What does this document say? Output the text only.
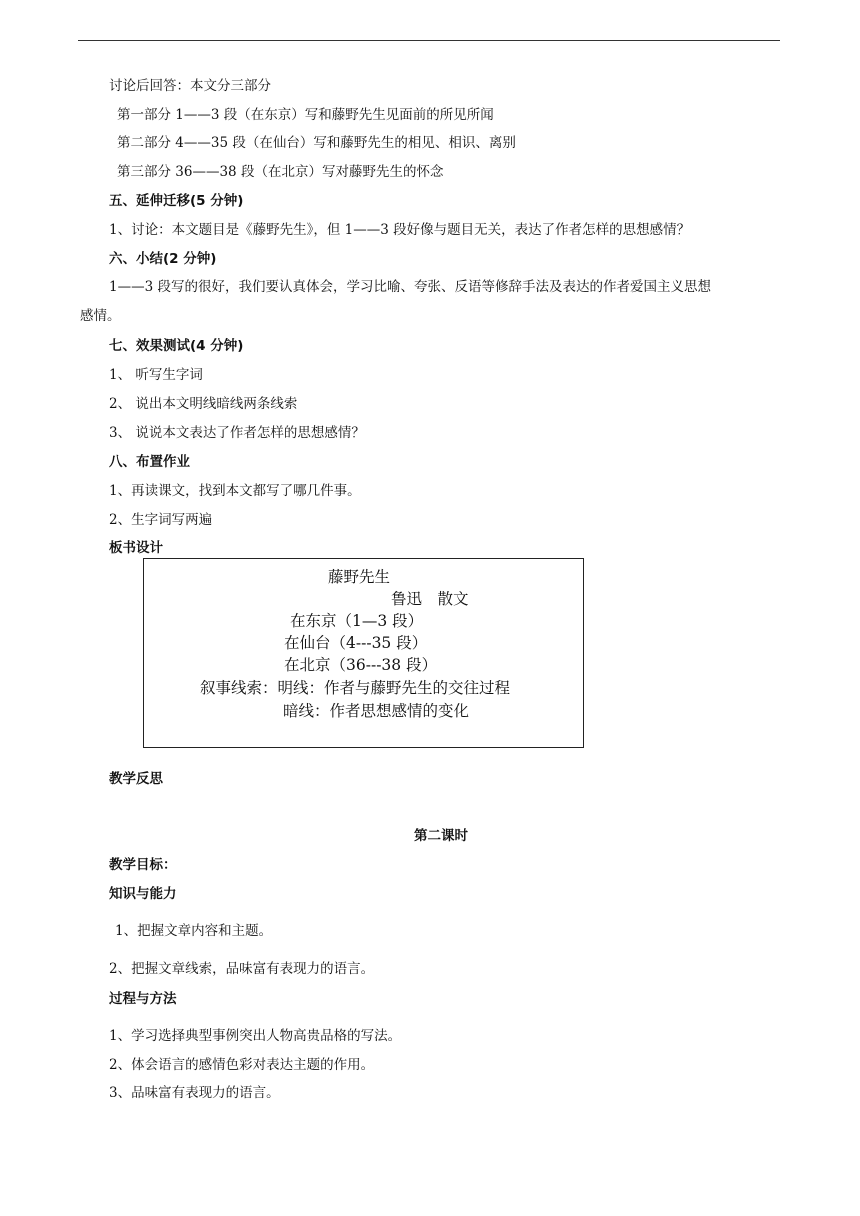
讨论后回答：本文分三部分
第一部分 1——3 段（在东京）写和藤野先生见面前的所见所闻
第二部分 4——35 段（在仙台）写和藤野先生的相见、相识、离别
第三部分 36——38 段（在北京）写对藤野先生的怀念
五、延伸迁移(5 分钟)
1、讨论：本文题目是《藤野先生》，但 1——3 段好像与题目无关，表达了作者怎样的思想感情？
六、小结(2 分钟)
1——3 段写的很好，我们要认真体会，学习比喻、夸张、反语等修辞手法及表达的作者爱国主义思想
感情。
七、效果测试(4 分钟)
1、 听写生字词
2、 说出本文明线暗线两条线索
3、 说说本文表达了作者怎样的思想感情？
八、布置作业
1、再读课文，找到本文都写了哪几件事。
2、生字词写两遍
板书设计
藤野先生
鲁迅　散文
在东京（1—3 段）
在仙台（4---35 段）
在北京（36---38 段）
叙事线索：明线：作者与藤野先生的交往过程
暗线：作者思想感情的变化
教学反思
第二课时
教学目标：
知识与能力
1、把握文章内容和主题。
2、把握文章线索，品味富有表现力的语言。
过程与方法
1、学习选择典型事例突出人物高贵品格的写法。
2、体会语言的感情色彩对表达主题的作用。
3、品味富有表现力的语言。
